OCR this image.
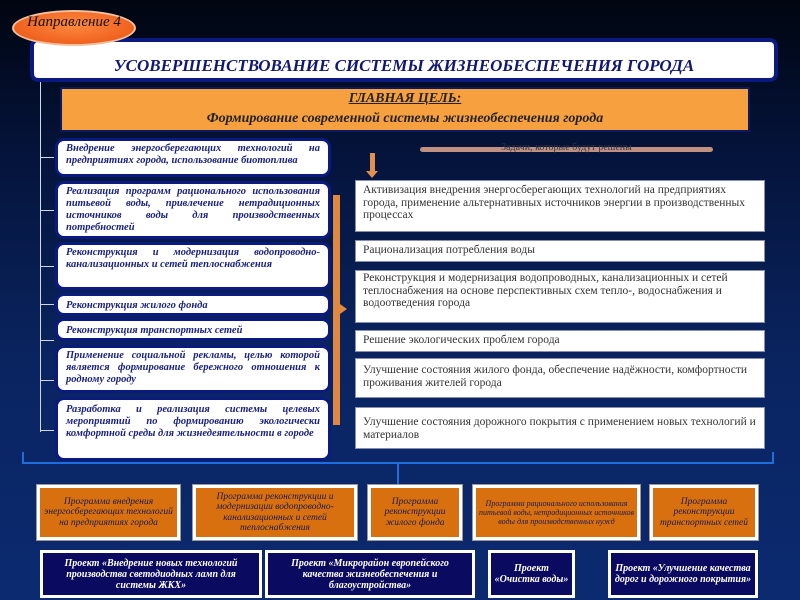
Направление 4
УСОВЕРШЕНСТВОВАНИЕ СИСТЕМЫ ЖИЗНЕОБЕСПЕЧЕНИЯ ГОРОДА
ГЛАВНАЯ ЦЕЛЬ:
Формирование современной системы жизнеобеспечения города
Внедрение энергосберегающих технологий на предприятиях города, использование биотоплива
Реализация программ рационального использования питьевой воды, привлечение нетрадиционных источников воды для производственных потребностей
Реконструкция и модернизация водопроводно-канализационных и сетей теплоснабжения
Реконструкция жилого фонда
Реконструкция транспортных сетей
Применение социальной рекламы, целью которой является формирование бережного отношения к родному городу
Разработка и реализация системы целевых мероприятий по формированию экологически комфортной среды для жизнедеятельности в городе
Задачи, которые будут решены
Активизация внедрения энергосберегающих технологий на предприятиях города, применение альтернативных источников энергии в производственных процессах
Рационализация потребления воды
Реконструкция и модернизация водопроводных, канализационных и сетей теплоснабжения на основе перспективных схем тепло-, водоснабжения и водоотведения города
Решение экологических проблем города
Улучшение состояния жилого фонда, обеспечение надёжности, комфортности проживания жителей города
Улучшение состояния дорожного покрытия с применением новых технологий и материалов
Программа внедрения энергосберегающих технологий на предприятиях города
Программа реконструкции и модернизации водопроводно-канализационных и сетей теплоснабжения
Программа реконструкции жилого фонда
Программа рационального использования питьевой воды, нетрадиционных источников воды для производственных нужд
Программа реконструкции транспортных сетей
Проект «Внедрение новых технологий производства светодиодных ламп для системы ЖКХ»
Проект «Микрорайон европейского качества жизнеобеспечения и благоустройства»
Проект «Очистка воды»
Проект «Улучшение качества дорог и дорожного покрытия»
